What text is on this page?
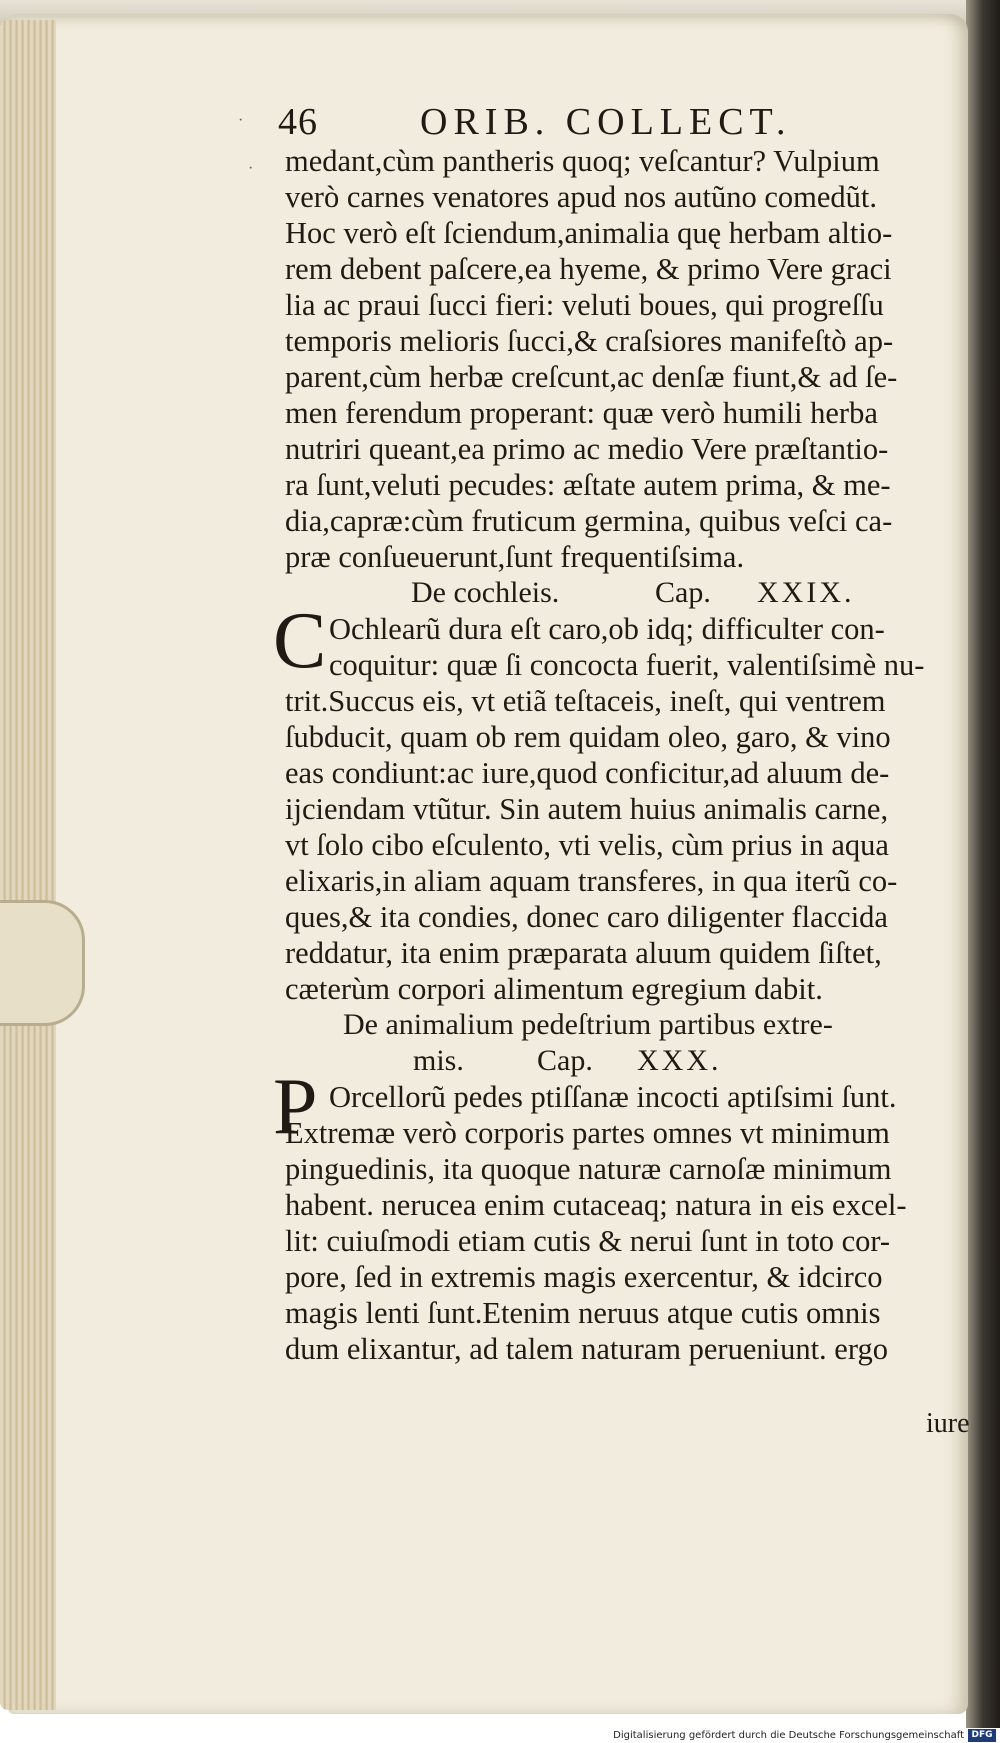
46	ORIB. COLLECT.
·
· medant,cùm pantheris quoq; veſcantur? Vulpium
verò carnes venatores apud nos autũno comedũt.
Hoc verò eſt ſciendum,animalia quę herbam altio-
rem debent paſcere,ea hyeme, & primo Vere graci
lia ac praui ſucci fieri: veluti boues, qui progreſſu
temporis melioris ſucci,& craſsiores manifeſtò ap-
parent,cùm herbæ creſcunt,ac denſæ fiunt,& ad ſe-
men ferendum properant: quæ verò humili herba
nutriri queant,ea primo ac medio Vere præſtantio-
ra ſunt,veluti pecudes: æſtate autem prima, & me-
dia,capræ:cùm fruticum germina, quibus veſci ca-
præ conſueuerunt,ſunt frequentiſsima.
De cochleis.	Cap. XXIX.
C Ochlearũ dura eſt caro,ob idq; difficulter con-
coquitur: quæ ſi concocta fuerit, valentiſsimè nu-
trit.Succus eis, vt etiã teſtaceis, ineſt, qui ventrem
ſubducit, quam ob rem quidam oleo, garo, & vino
eas condiunt:ac iure,quod conficitur,ad aluum de-
ijciendam vtũtur. Sin autem huius animalis carne,
vt ſolo cibo eſculento, vti velis, cùm prius in aqua
elixaris,in aliam aquam transferes, in qua iterũ co-
ques,& ita condies, donec caro diligenter flaccida
reddatur, ita enim præparata aluum quidem ſiſtet,
cæterùm corpori alimentum egregium dabit.
De animalium pedeſtrium partibus extre-
mis. Cap. XXX.
P Orcellorũ pedes ptiſſanæ incocti aptiſsimi ſunt.
Extremæ verò corporis partes omnes vt minimum
pinguedinis, ita quoque naturæ carnoſæ minimum
habent. nerucea enim cutaceaq; natura in eis excel-
lit: cuiuſmodi etiam cutis & nerui ſunt in toto cor-
pore, ſed in extremis magis exercentur, & idcirco
magis lenti ſunt.Etenim neruus atque cutis omnis
dum elixantur, ad talem naturam perueniunt. ergo
iure
Digitalisierung gefördert durch die Deutsche Forschungsgemeinschaft DFG
